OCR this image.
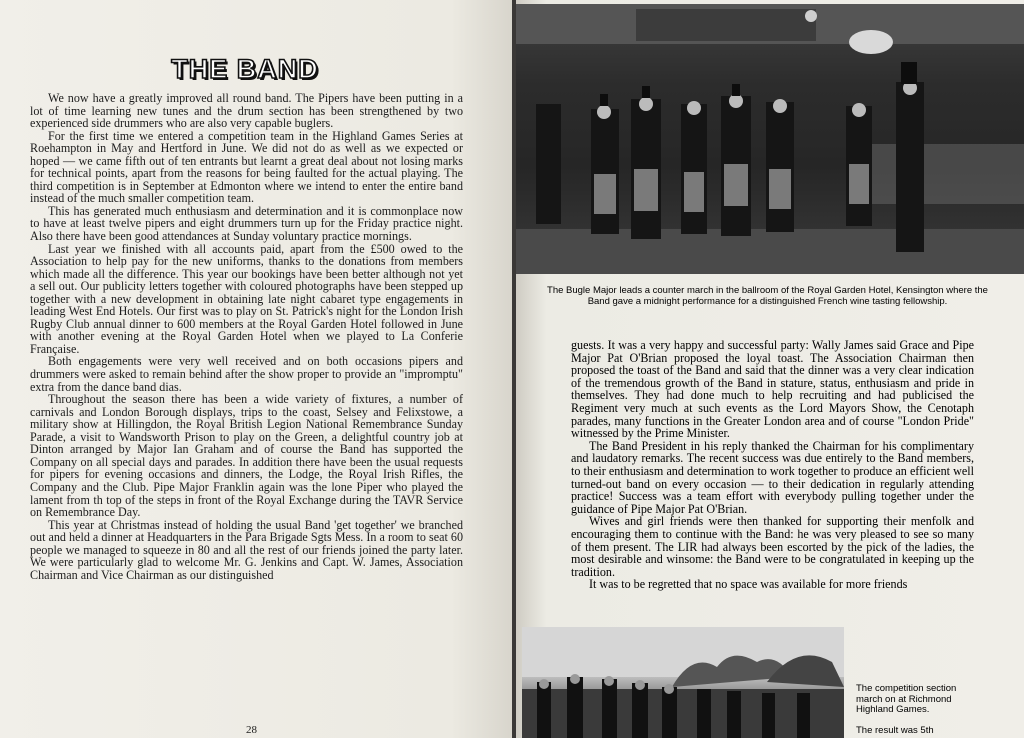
THE BAND

We now have a greatly improved all round band. The Pipers have been putting in a lot of time learning new tunes and the drum section has been strengthened by two experienced side drummers who are also very capable buglers.

For the first time we entered a competition team in the Highland Games Series at Roehampton in May and Hertford in June. We did not do as well as we expected or hoped — we came fifth out of ten entrants but learnt a great deal about not losing marks for technical points, apart from the reasons for being faulted for the actual playing. The third competition is in September at Edmonton where we intend to enter the entire band instead of the much smaller competition team.

This has generated much enthusiasm and determination and it is commonplace now to have at least twelve pipers and eight drummers turn up for the Friday practice night. Also there have been good attendances at Sunday voluntary practice mornings.

Last year we finished with all accounts paid, apart from the £500 owed to the Association to help pay for the new uniforms, thanks to the donations from members which made all the difference. This year our bookings have been better although not yet a sell out. Our publicity letters together with coloured photographs have been stepped up together with a new development in obtaining late night cabaret type engagements in leading West End Hotels. Our first was to play on St. Patrick's night for the London Irish Rugby Club annual dinner to 600 members at the Royal Garden Hotel followed in June with another evening at the Royal Garden Hotel when we played to La Conferie Française.

Both engagements were very well received and on both occasions pipers and drummers were asked to remain behind after the show proper to provide an "impromptu" extra from the dance band dias.

Throughout the season there has been a wide variety of fixtures, a number of carnivals and London Borough displays, trips to the coast, Selsey and Felixstowe, a military show at Hillingdon, the Royal British Legion National Remembrance Sunday Parade, a visit to Wandsworth Prison to play on the Green, a delightful country job at Dinton arranged by Major Ian Graham and of course the Band has supported the Company on all special days and parades. In addition there have been the usual requests for pipers for evening occasions and dinners, the Lodge, the Royal Irish Rifles, the Company and the Club. Pipe Major Franklin again was the lone Piper who played the lament from th top of the steps in front of the Royal Exchange during the TAVR Service on Remembrance Day.

This year at Christmas instead of holding the usual Band 'get together' we branched out and held a dinner at Headquarters in the Para Brigade Sgts Mess. In a room to seat 60 people we managed to squeeze in 80 and all the rest of our friends joined the party later. We were particularly glad to welcome Mr. G. Jenkins and Capt. W. James, Association Chairman and Vice Chairman as our distinguished

28
The Bugle Major leads a counter march in the ballroom of the Royal Garden Hotel, Kensington where the Band gave a midnight performance for a distinguished French wine tasting fellowship.

guests. It was a very happy and successful party: Wally James said Grace and Pipe Major Pat O'Brian proposed the loyal toast. The Association Chairman then proposed the toast of the Band and said that the dinner was a very clear indication of the tremendous growth of the Band in stature, status, enthusiasm and pride in themselves. They had done much to help recruiting and had publicised the Regiment very much at such events as the Lord Mayors Show, the Cenotaph parades, many functions in the Greater London area and of course "London Pride" witnessed by the Prime Minister.

The Band President in his reply thanked the Chairman for his complimentary and laudatory remarks. The recent success was due entirely to the Band members, to their enthusiasm and determination to work together to produce an efficient well turned-out band on every occasion — to their dedication in regularly attending practice! Success was a team effort with everybody pulling together under the guidance of Pipe Major Pat O'Brian.

Wives and girl friends were then thanked for supporting their menfolk and encouraging them to continue with the Band: he was very pleased to see so many of them present. The LIR had always been escorted by the pick of the ladies, the most desirable and winsome: the Band were to be congratulated in keeping up the tradition.

It was to be regretted that no space was available for more friends

The competition section march on at Richmond Highland Games.
The result was 5th
